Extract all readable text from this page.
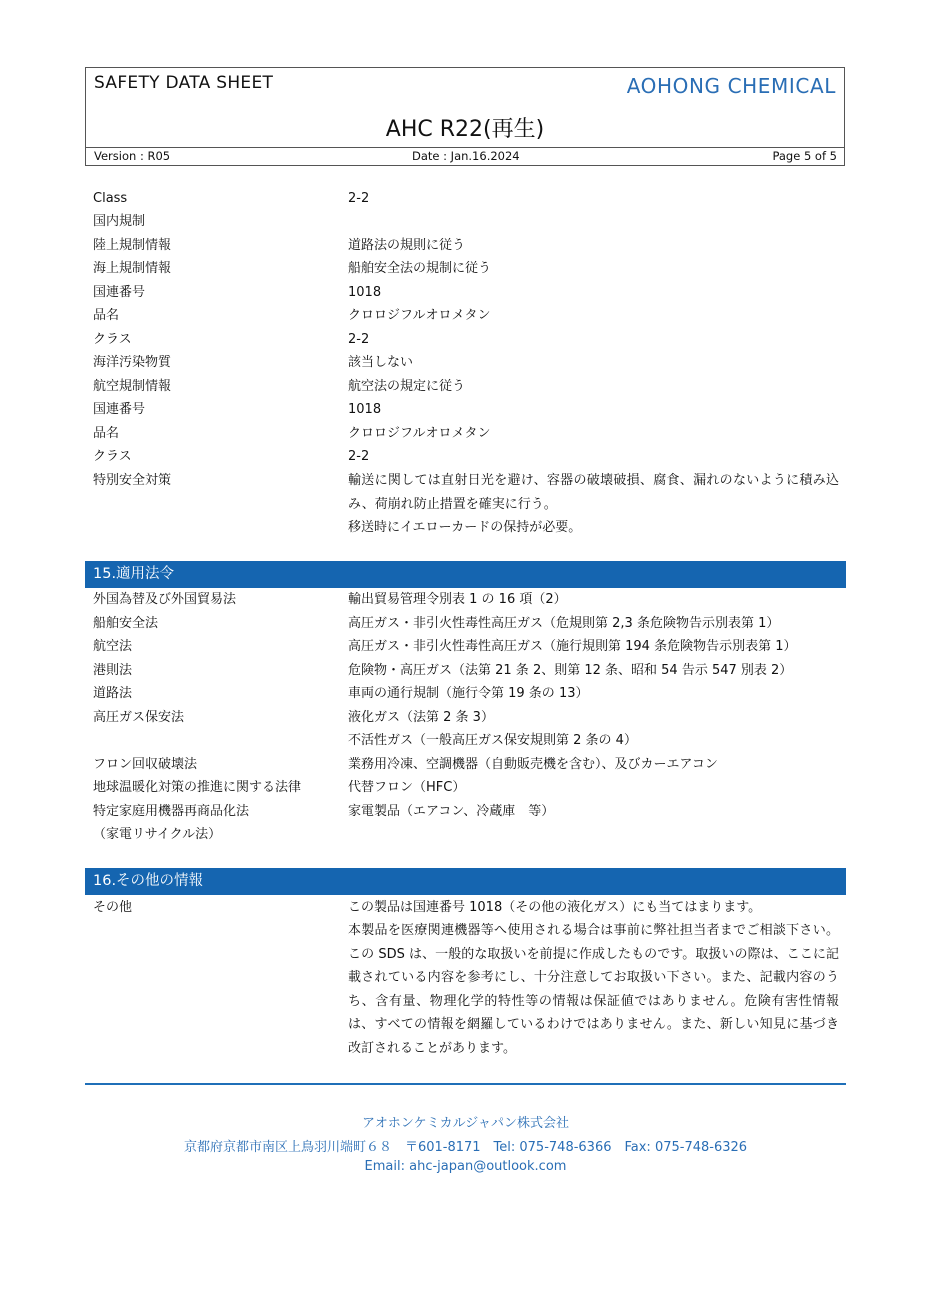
SAFETY DATA SHEET	AOHONG CHEMICAL
AHC R22(再生)
Version : R05	Date : Jan.16.2024	Page 5 of 5
Class	2-2
国内規制
陸上規制情報	道路法の規則に従う
海上規制情報	船舶安全法の規制に従う
国連番号	1018
品名	クロロジフルオロメタン
クラス	2-2
海洋汚染物質	該当しない
航空規制情報	航空法の規定に従う
国連番号	1018
品名	クロロジフルオロメタン
クラス	2-2
特別安全対策	輸送に関しては直射日光を避け、容器の破壊破損、腐食、漏れのないように積み込み、荷崩れ防止措置を確実に行う。
移送時にイエローカードの保持が必要。
15.適用法令
外国為替及び外国貿易法	輸出貿易管理令別表 1 の 16 項（2）
船舶安全法	高圧ガス・非引火性毒性高圧ガス（危規則第 2,3 条危険物告示別表第 1）
航空法	高圧ガス・非引火性毒性高圧ガス（施行規則第 194 条危険物告示別表第 1）
港則法	危険物・高圧ガス（法第 21 条 2、則第 12 条、昭和 54 告示 547 別表 2）
道路法	車両の通行規制（施行令第 19 条の 13）
高圧ガス保安法	液化ガス（法第 2 条 3）
不活性ガス（一般高圧ガス保安規則第 2 条の 4）
フロン回収破壊法	業務用冷凍、空調機器（自動販売機を含む）、及びカーエアコン
地球温暖化対策の推進に関する法律	代替フロン（HFC）
特定家庭用機器再商品化法	家電製品（エアコン、冷蔵庫　等）
（家電リサイクル法）
16.その他の情報
その他	この製品は国連番号 1018（その他の液化ガス）にも当てはまります。
本製品を医療関連機器等へ使用される場合は事前に弊社担当者までご相談下さい。この SDS は、一般的な取扱いを前提に作成したものです。取扱いの際は、ここに記載されている内容を参考にし、十分注意してお取扱い下さい。また、記載内容のうち、含有量、物理化学的特性等の情報は保証値ではありません。危険有害性情報は、すべての情報を網羅しているわけではありません。また、新しい知見に基づき改訂されることがあります。
アオホンケミカルジャパン株式会社
京都府京都市南区上鳥羽川端町６８　〒601-8171　Tel: 075-748-6366　Fax: 075-748-6326
Email: ahc-japan@outlook.com
